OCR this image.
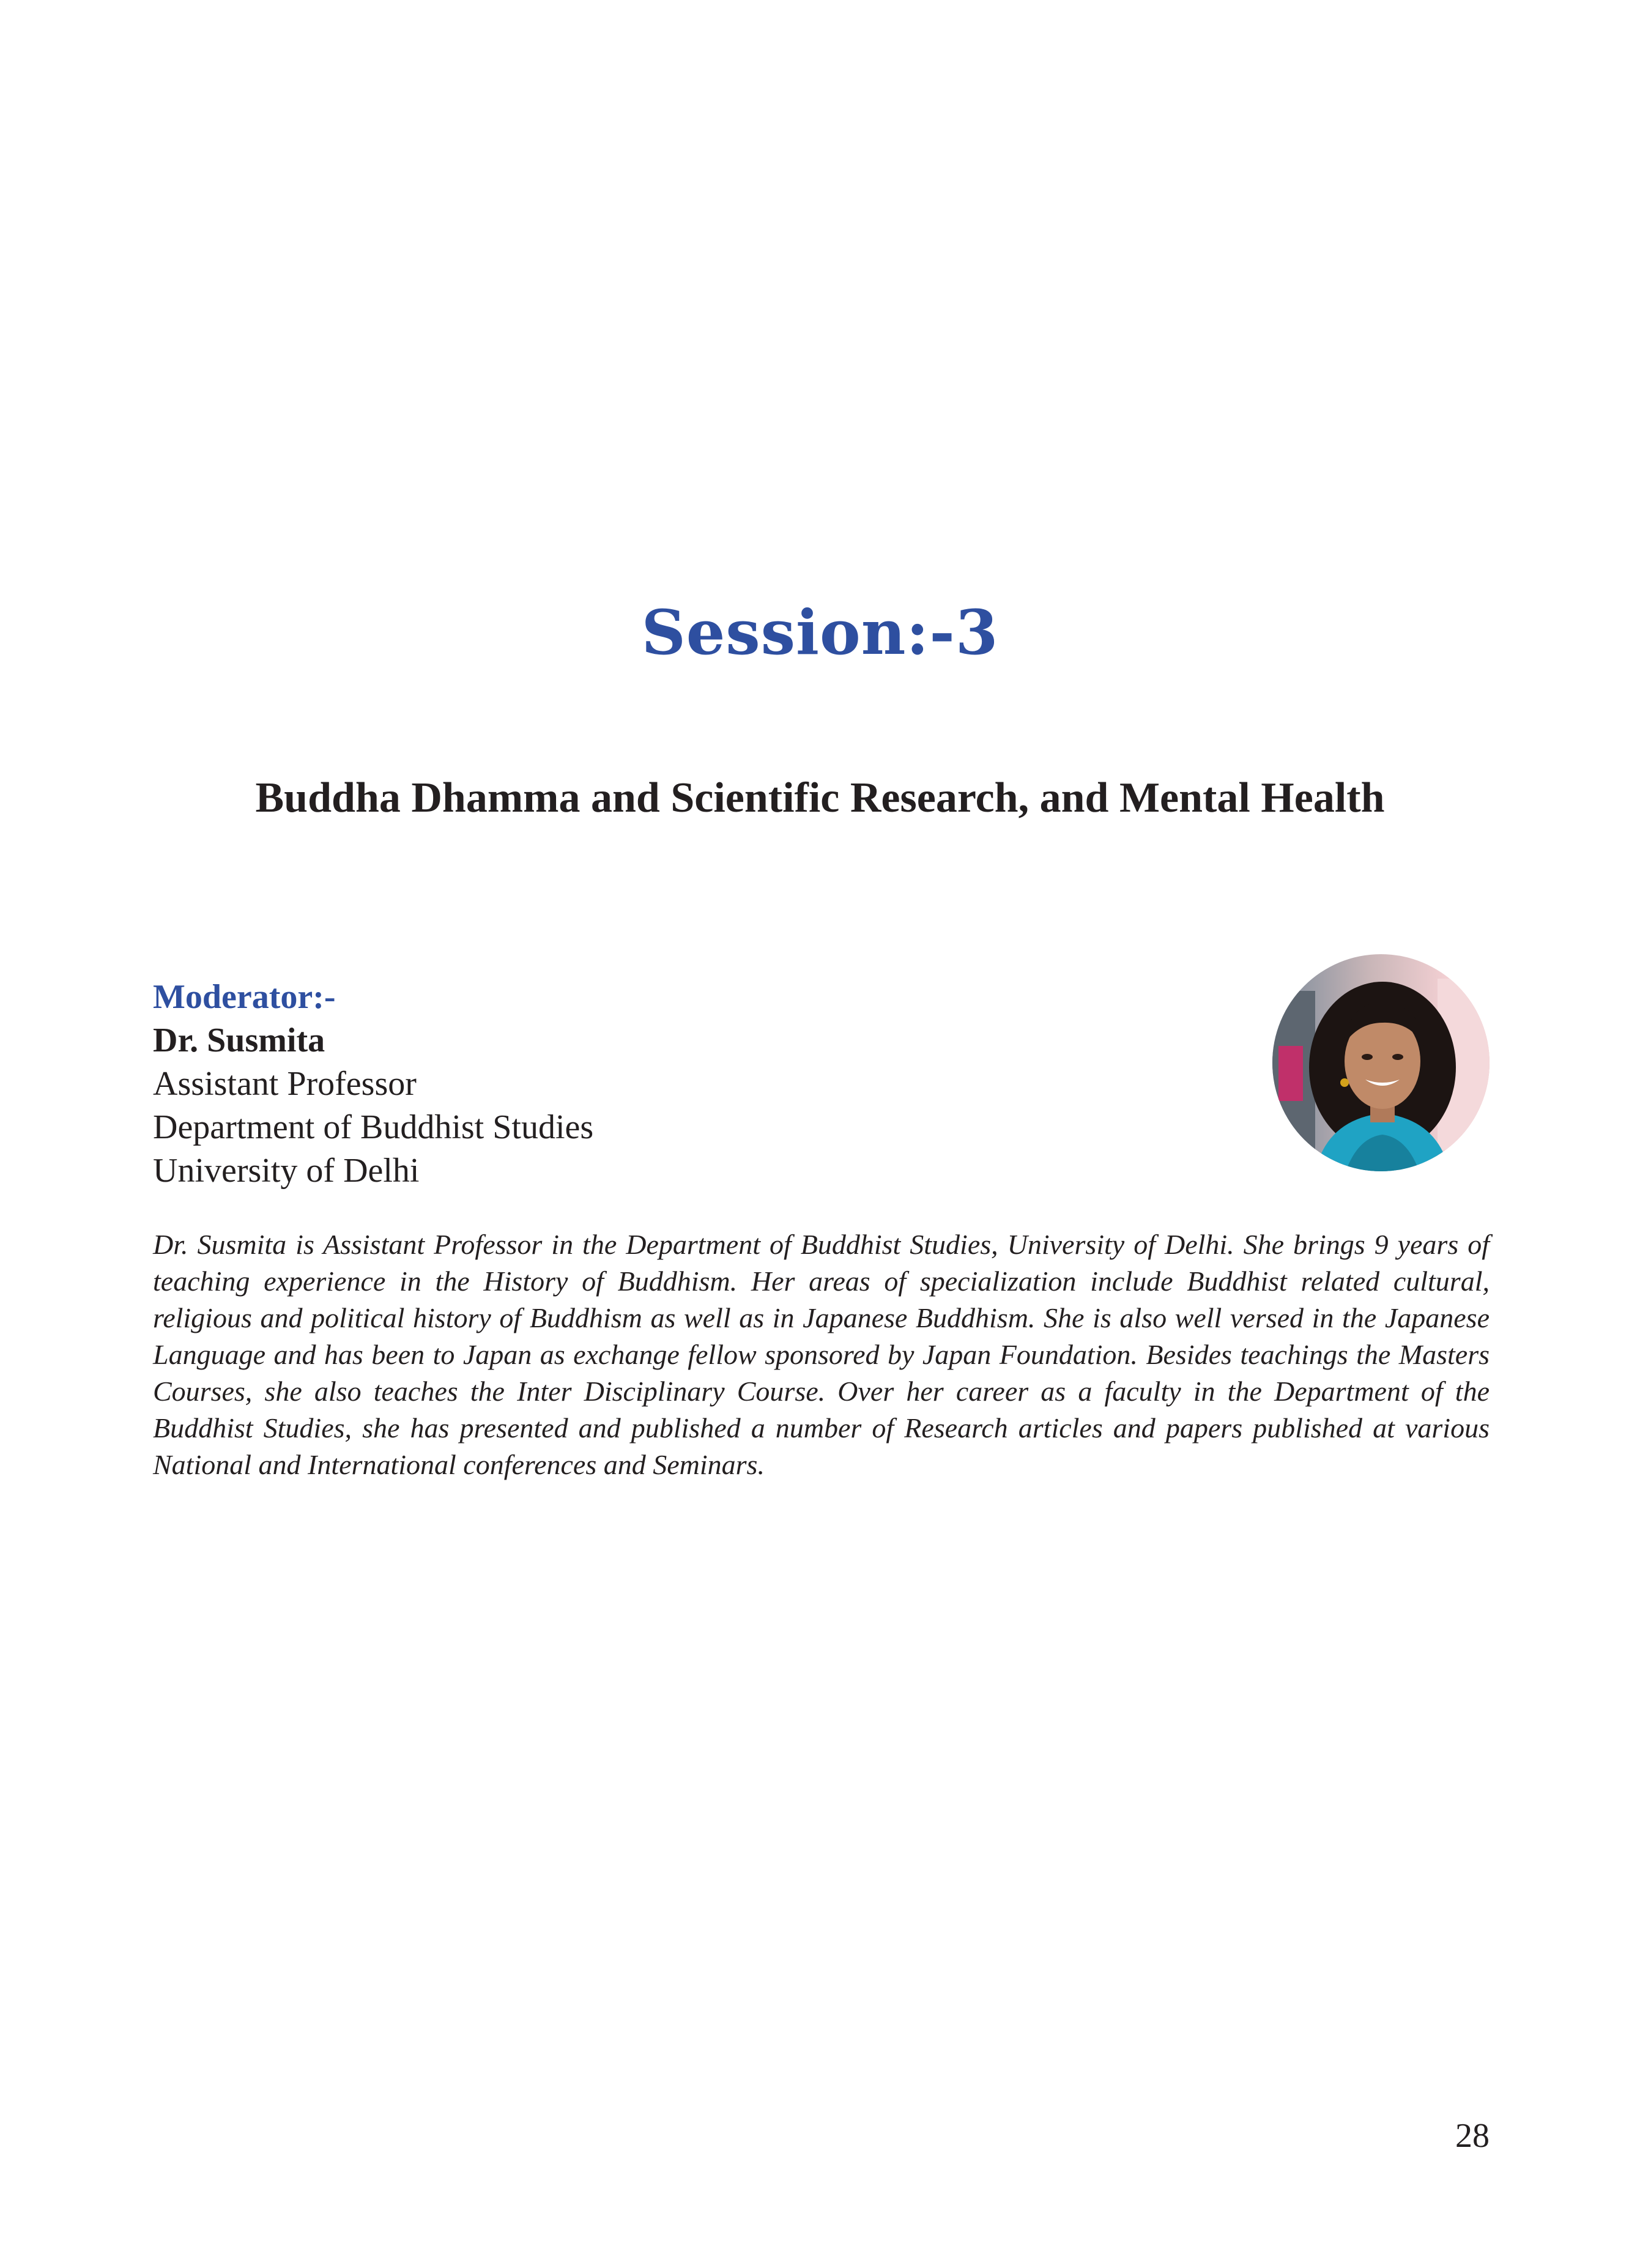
Session:-3
Buddha Dhamma and Scientific Research, and Mental Health
Moderator:-
Dr. Susmita
Assistant Professor
Department of Buddhist Studies
University of Delhi
Dr. Susmita is Assistant Professor in the Department of Buddhist Studies, University of Delhi. She brings 9 years of teaching experience in the History of Buddhism. Her areas of specialization include Buddhist related cultural, religious and political history of Buddhism as well as in Japanese Buddhism. She is also well versed in the Japanese Language and has been to Japan as exchange fellow sponsored by Japan Foundation. Besides teachings the Masters Courses, she also teaches the Inter Disciplinary Course. Over her career as a faculty in the Department of the Buddhist Studies, she has presented and published a number of Research articles and papers published at various National and International conferences and Seminars.
28
